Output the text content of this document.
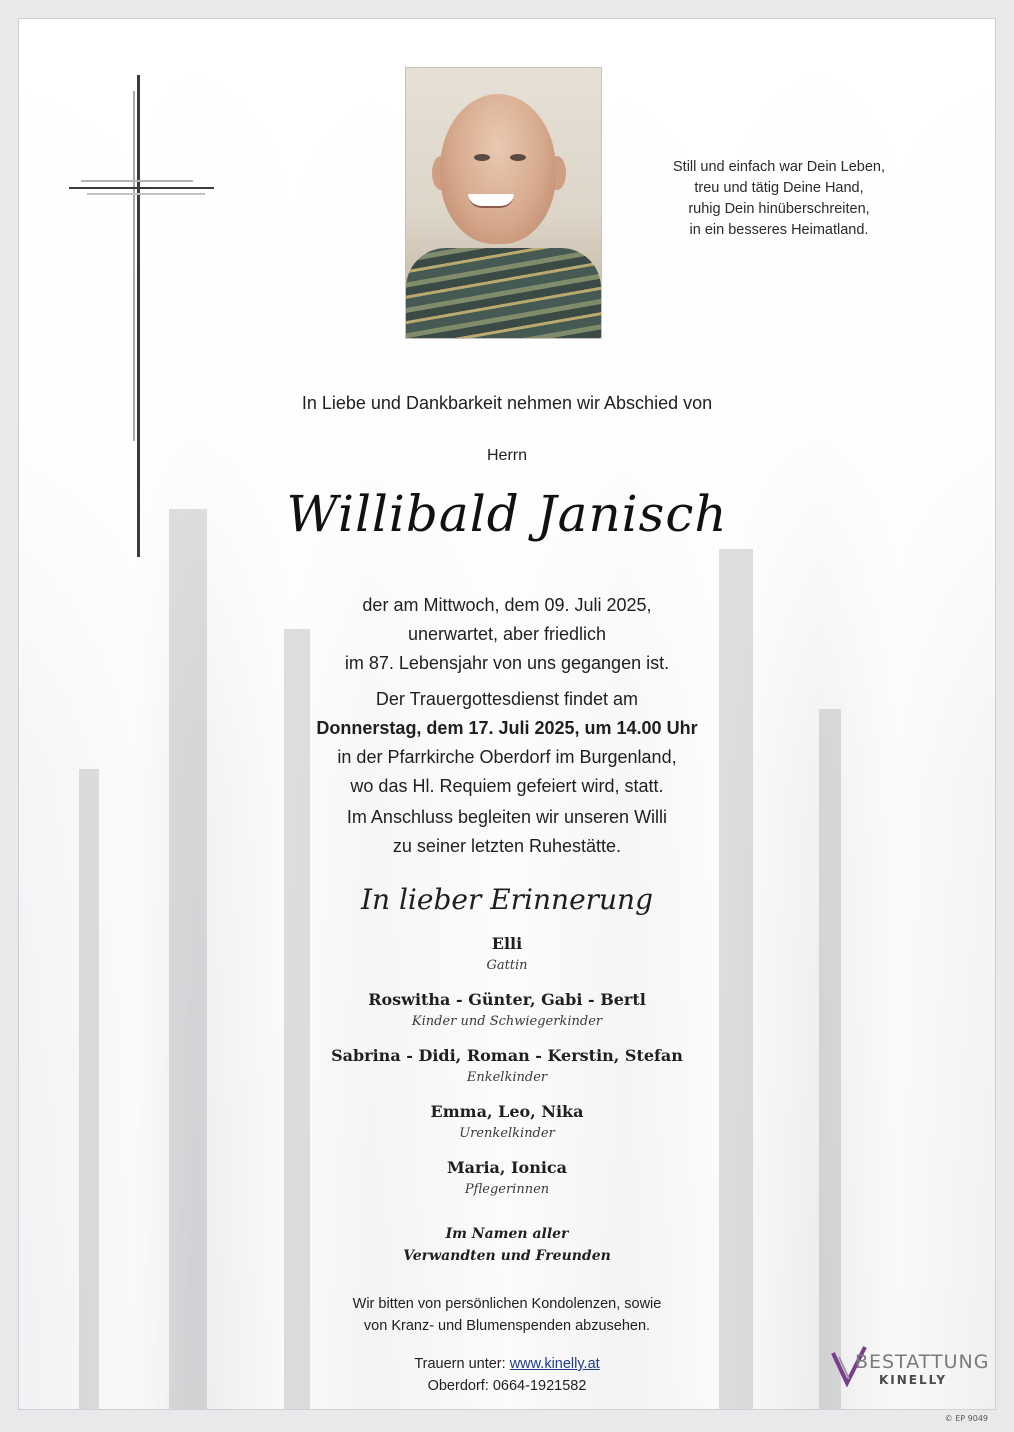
Still und einfach war Dein Leben,
treu und tätig Deine Hand,
ruhig Dein hinüberschreiten,
in ein besseres Heimatland.
In Liebe und Dankbarkeit nehmen wir Abschied von
Herrn
Willibald Janisch
der am Mittwoch, dem 09. Juli 2025,
unerwartet, aber friedlich
im 87. Lebensjahr von uns gegangen ist.
Der Trauergottesdienst findet am
Donnerstag, dem 17. Juli 2025, um 14.00 Uhr
in der Pfarrkirche Oberdorf im Burgenland,
wo das Hl. Requiem gefeiert wird, statt.
Im Anschluss begleiten wir unseren Willi
zu seiner letzten Ruhestätte.
In lieber Erinnerung
Elli
Gattin
Roswitha - Günter, Gabi - Bertl
Kinder und Schwiegerkinder
Sabrina - Didi, Roman - Kerstin, Stefan
Enkelkinder
Emma, Leo, Nika
Urenkelkinder
Maria, Ionica
Pflegerinnen
Im Namen aller
Verwandten und Freunden
Wir bitten von persönlichen Kondolenzen, sowie
von Kranz- und Blumenspenden abzusehen.
Trauern unter: www.kinelly.at
Oberdorf: 0664-1921582
BESTATTUNG
KINELLY
© EP 9049
